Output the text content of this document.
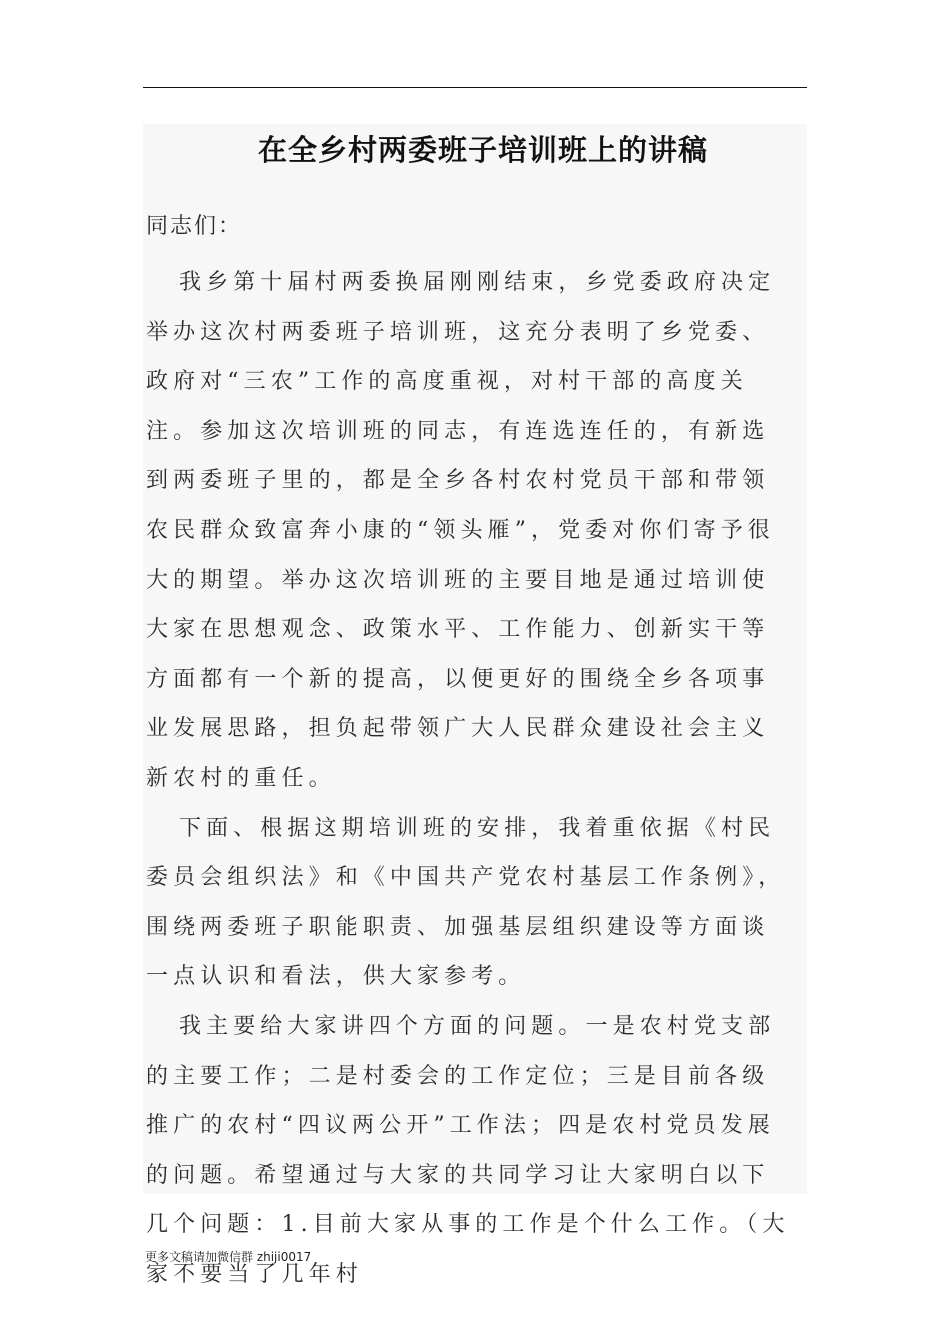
在全乡村两委班子培训班上的讲稿

同志们：

我乡第十届村两委换届刚刚结束，乡党委政府决定举办这次村两委班子培训班，这充分表明了乡党委、政府对“三农”工作的高度重视，对村干部的高度关注。参加这次培训班的同志，有连选连任的，有新选到两委班子里的，都是全乡各村农村党员干部和带领农民群众致富奔小康的“领头雁”，党委对你们寄予很大的期望。举办这次培训班的主要目地是通过培训使大家在思想观念、政策水平、工作能力、创新实干等方面都有一个新的提高，以便更好的围绕全乡各项事业发展思路，担负起带领广大人民群众建设社会主义新农村的重任。

下面、根据这期培训班的安排，我着重依据《村民委员会组织法》和《中国共产党农村基层工作条例》，围绕两委班子职能职责、加强基层组织建设等方面谈一点认识和看法，供大家参考。

我主要给大家讲四个方面的问题。一是农村党支部的主要工作；二是村委会的工作定位；三是目前各级推广的农村“四议两公开”工作法；四是农村党员发展的问题。希望通过与大家的共同学习让大家明白以下几个问题：1.目前大家从事的工作是个什么工作。（大家不要当了几年村

更多文稿请加微信群 zhiji0017
